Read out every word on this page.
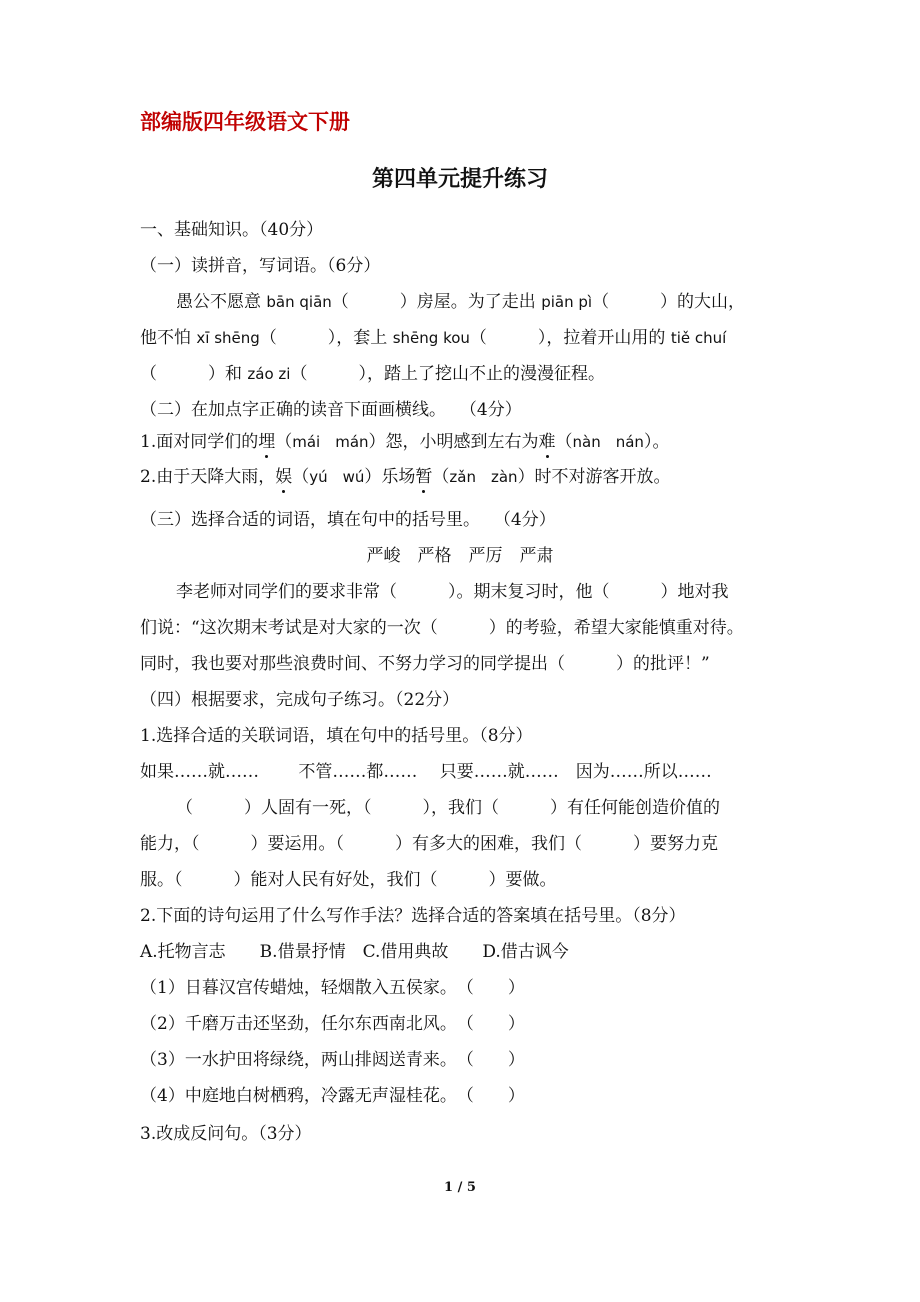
部编版四年级语文下册
第四单元提升练习
一、基础知识。（40分）
（一）读拼音，写词语。（6分）
愚公不愿意 bān qiān（　　　）房屋。为了走出 piān pì（　　　）的大山，
他不怕 xī shēng（　　　），套上 shēng kou（　　　），拉着开山用的 tiě chuí
（　　　）和 záo zi（　　　），踏上了挖山不止的漫漫征程。
（二）在加点字正确的读音下面画横线。　 （4分）
1.面对同学们的埋（mái　mán）怨，小明感到左右为难（nàn　nán）。
2.由于天降大雨，娱（yú　wú）乐场暂（zǎn　zàn）时不对游客开放。
（三）选择合适的词语，填在句中的括号里。　 （4分）
严峻　严格　严厉　严肃
李老师对同学们的要求非常（　　　）。期末复习时，他（　　　）地对我
们说：“这次期末考试是对大家的一次（　　　）的考验，希望大家能慎重对待。
同时，我也要对那些浪费时间、不努力学习的同学提出（　　　）的批评！”
（四）根据要求，完成句子练习。（22分）
1.选择合适的关联词语，填在句中的括号里。（8分）
如果……就……　　 不管……都……　 只要……就……　因为……所以……
（　　　）人固有一死，（　　　），我们（　　　）有任何能创造价值的
能力，（　　　）要运用。（　　　）有多大的困难，我们（　　　）要努力克
服。（　　　）能对人民有好处，我们（　　　）要做。
2.下面的诗句运用了什么写作手法？选择合适的答案填在括号里。（8分）
A.托物言志　　B.借景抒情　C.借用典故　　D.借古讽今
（1）日暮汉宫传蜡烛，轻烟散入五侯家。　（　　）
（2）千磨万击还坚劲，任尔东西南北风。　（　　）
（3）一水护田将绿绕，两山排闼送青来。　（　　）
（4）中庭地白树栖鸦，冷露无声湿桂花。　（　　）
3.改成反问句。（3分）
1 / 5
